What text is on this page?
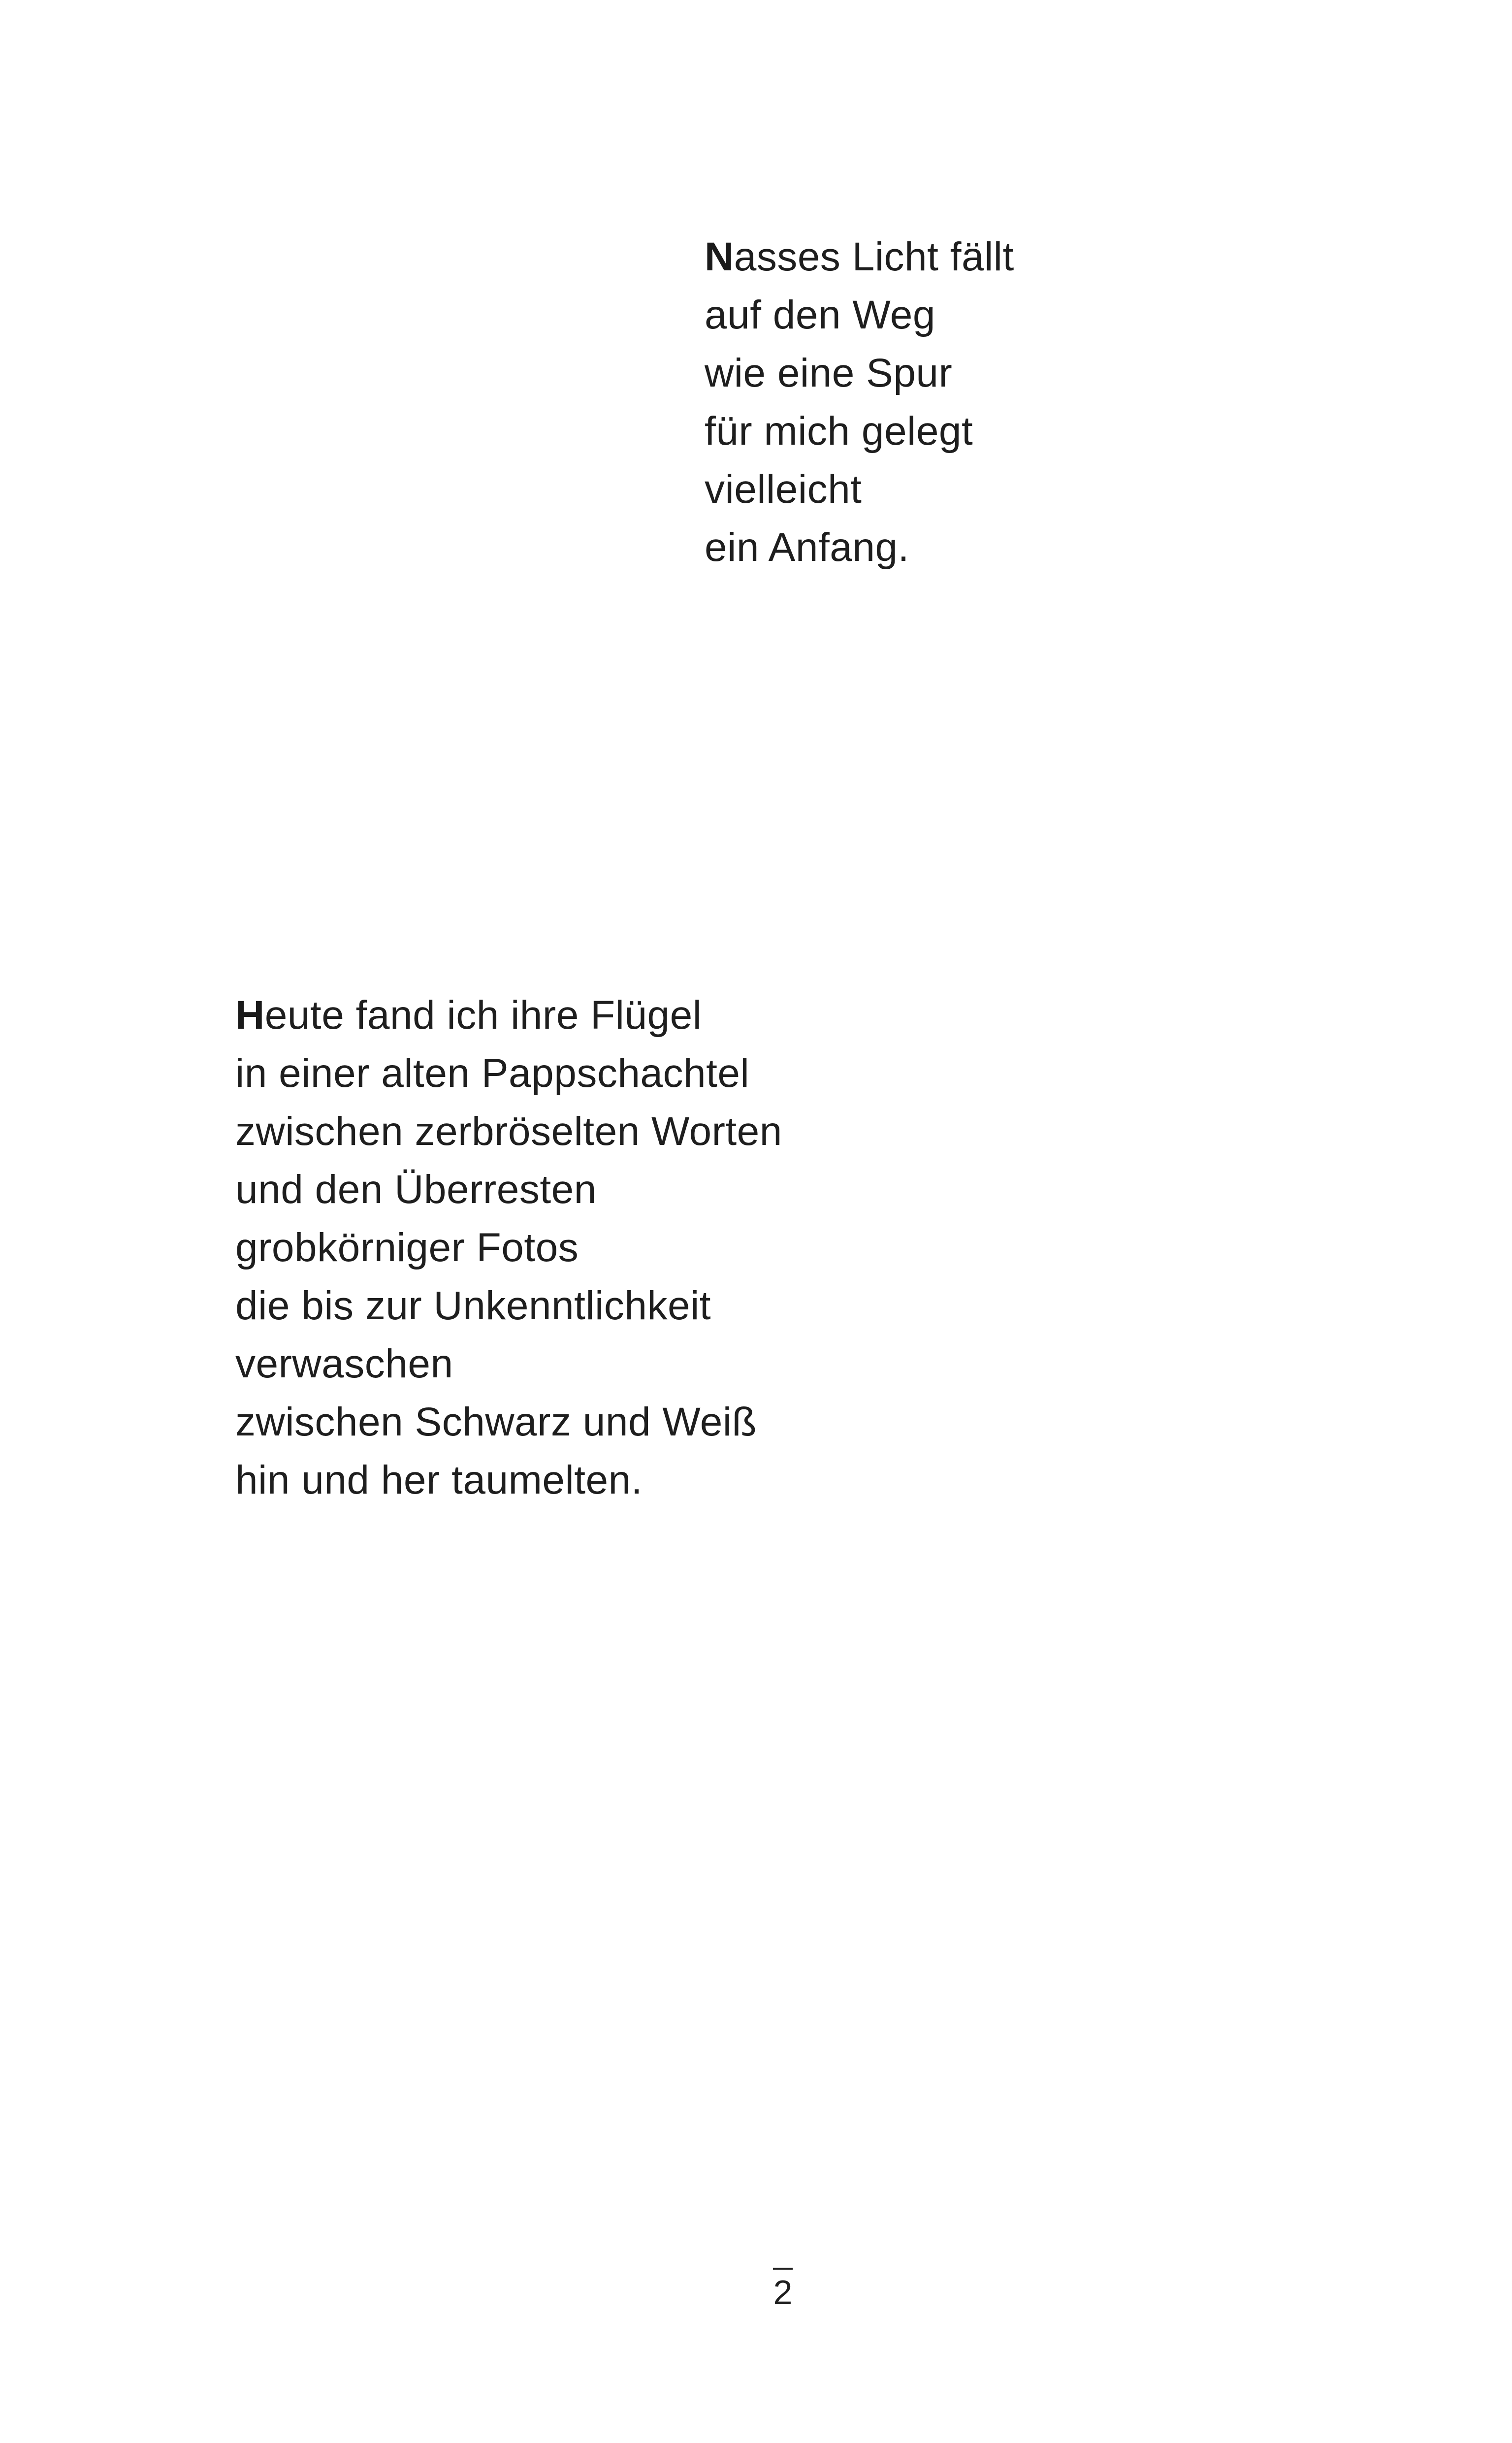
Nasses Licht fällt
auf den Weg
wie eine Spur
für mich gelegt
vielleicht
ein Anfang.
Heute fand ich ihre Flügel
in einer alten Pappschachtel
zwischen zerbröselten Worten
und den Überresten
grobkörniger Fotos
die bis zur Unkenntlichkeit
verwaschen
zwischen Schwarz und Weiß
hin und her taumelten.
2
